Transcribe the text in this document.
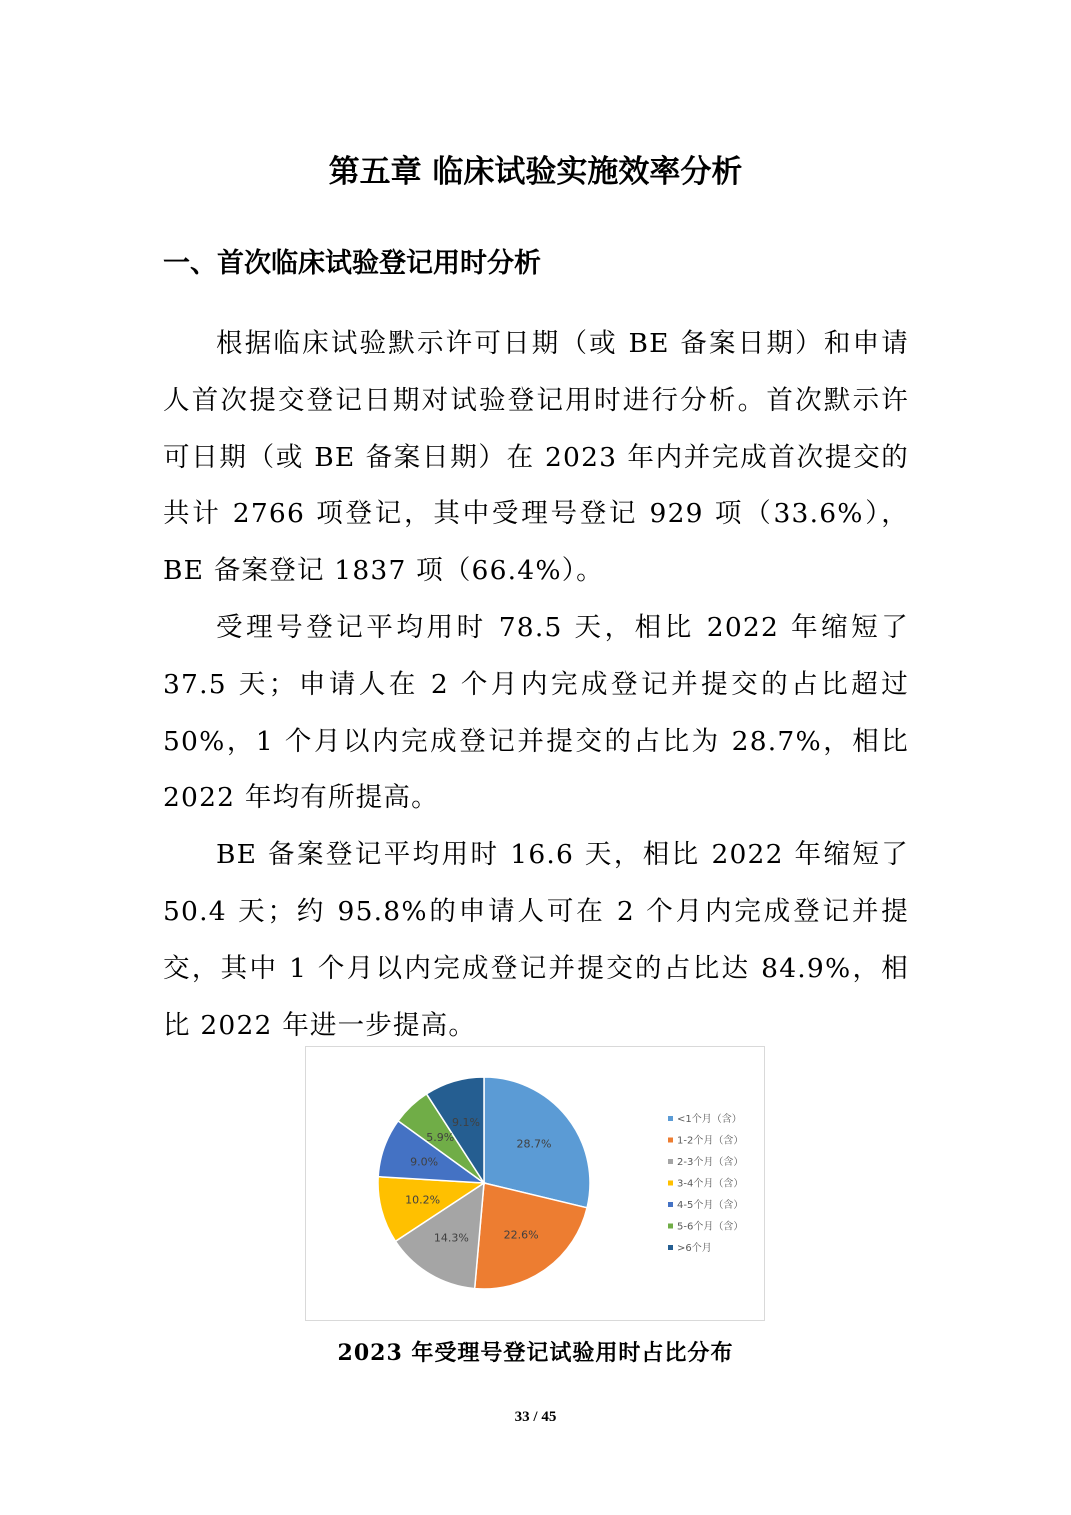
第五章 临床试验实施效率分析
一、首次临床试验登记用时分析

根据临床试验默示许可日期（或 BE 备案日期）和申请人首次提交登记日期对试验登记用时进行分析。首次默示许可日期（或 BE 备案日期）在 2023 年内并完成首次提交的共计 2766 项登记，其中受理号登记 929 项（33.6%），BE 备案登记 1837 项（66.4%）。

受理号登记平均用时 78.5 天，相比 2022 年缩短了 37.5 天；申请人在 2 个月内完成登记并提交的占比超过 50%，1 个月以内完成登记并提交的占比为 28.7%，相比 2022 年均有所提高。

BE 备案登记平均用时 16.6 天，相比 2022 年缩短了 50.4 天；约 95.8%的申请人可在 2 个月内完成登记并提交，其中 1 个月以内完成登记并提交的占比达 84.9%，相比 2022 年进一步提高。

28.7%
22.6%
14.3%
10.2%
9.0%
5.9%
9.1%	<1个月（含）
1-2个月（含）
2-3个月（含）
3-4个月（含）
4-5个月（含）
5-6个月（含）
>6个月

2023 年受理号登记试验用时占比分布

33 / 45
